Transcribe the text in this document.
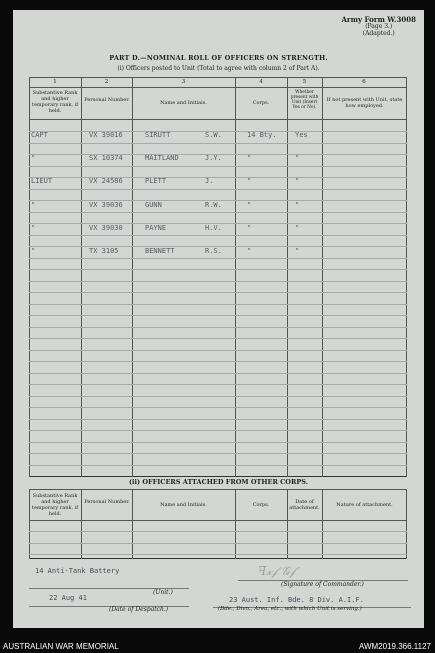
Army Form W.3008
(Page 3.)
(Adapted.)
PART D.—NOMINAL ROLL OF OFFICERS ON STRENGTH.
(i) Officers posted to Unit (Total to agree with column 2 of Part A).
1	2	3	4	5	6
Substantive Rank and higher temporary rank, if held.
Personal Number.	Name and Initials.	Corps.
Whether present with Unit (Insert Yes or No).
If not present with Unit, state how employed.
CAPT	VX 39016	SIRUTT	S.W.	14 Bty.	Yes
"	SX 10374	MAITLAND	J.Y.	"	"
LIEUT	VX 24586	PLETT	J.	"	"
"	VX 39036	GUNN	R.W.	"	"
"	VX 39030	PAYNE	H.V.	"	"
"	TX 3105	BENNETT	R.S.	"	"
(ii) OFFICERS ATTACHED FROM OTHER CORPS.
Substantive Rank and higher temporary rank, if held.
Personal Number.	Name and Initials.	Corps.	Date of attachment.	Nature of attachment.
14 Anti-Tank Battery
(Unit.)
ꟻ𝓍𝒻 𝒢𝒻
(Signature of Commander.)
22 Aug 41
(Date of Despatch.)
23 Aust. Inf. Bde. 8 Div. A.I.F.
(Bde., Divn., Area, etc., with which Unit is serving.)
AUSTRALIAN WAR MEMORIAL	AWM2019.366.1127
